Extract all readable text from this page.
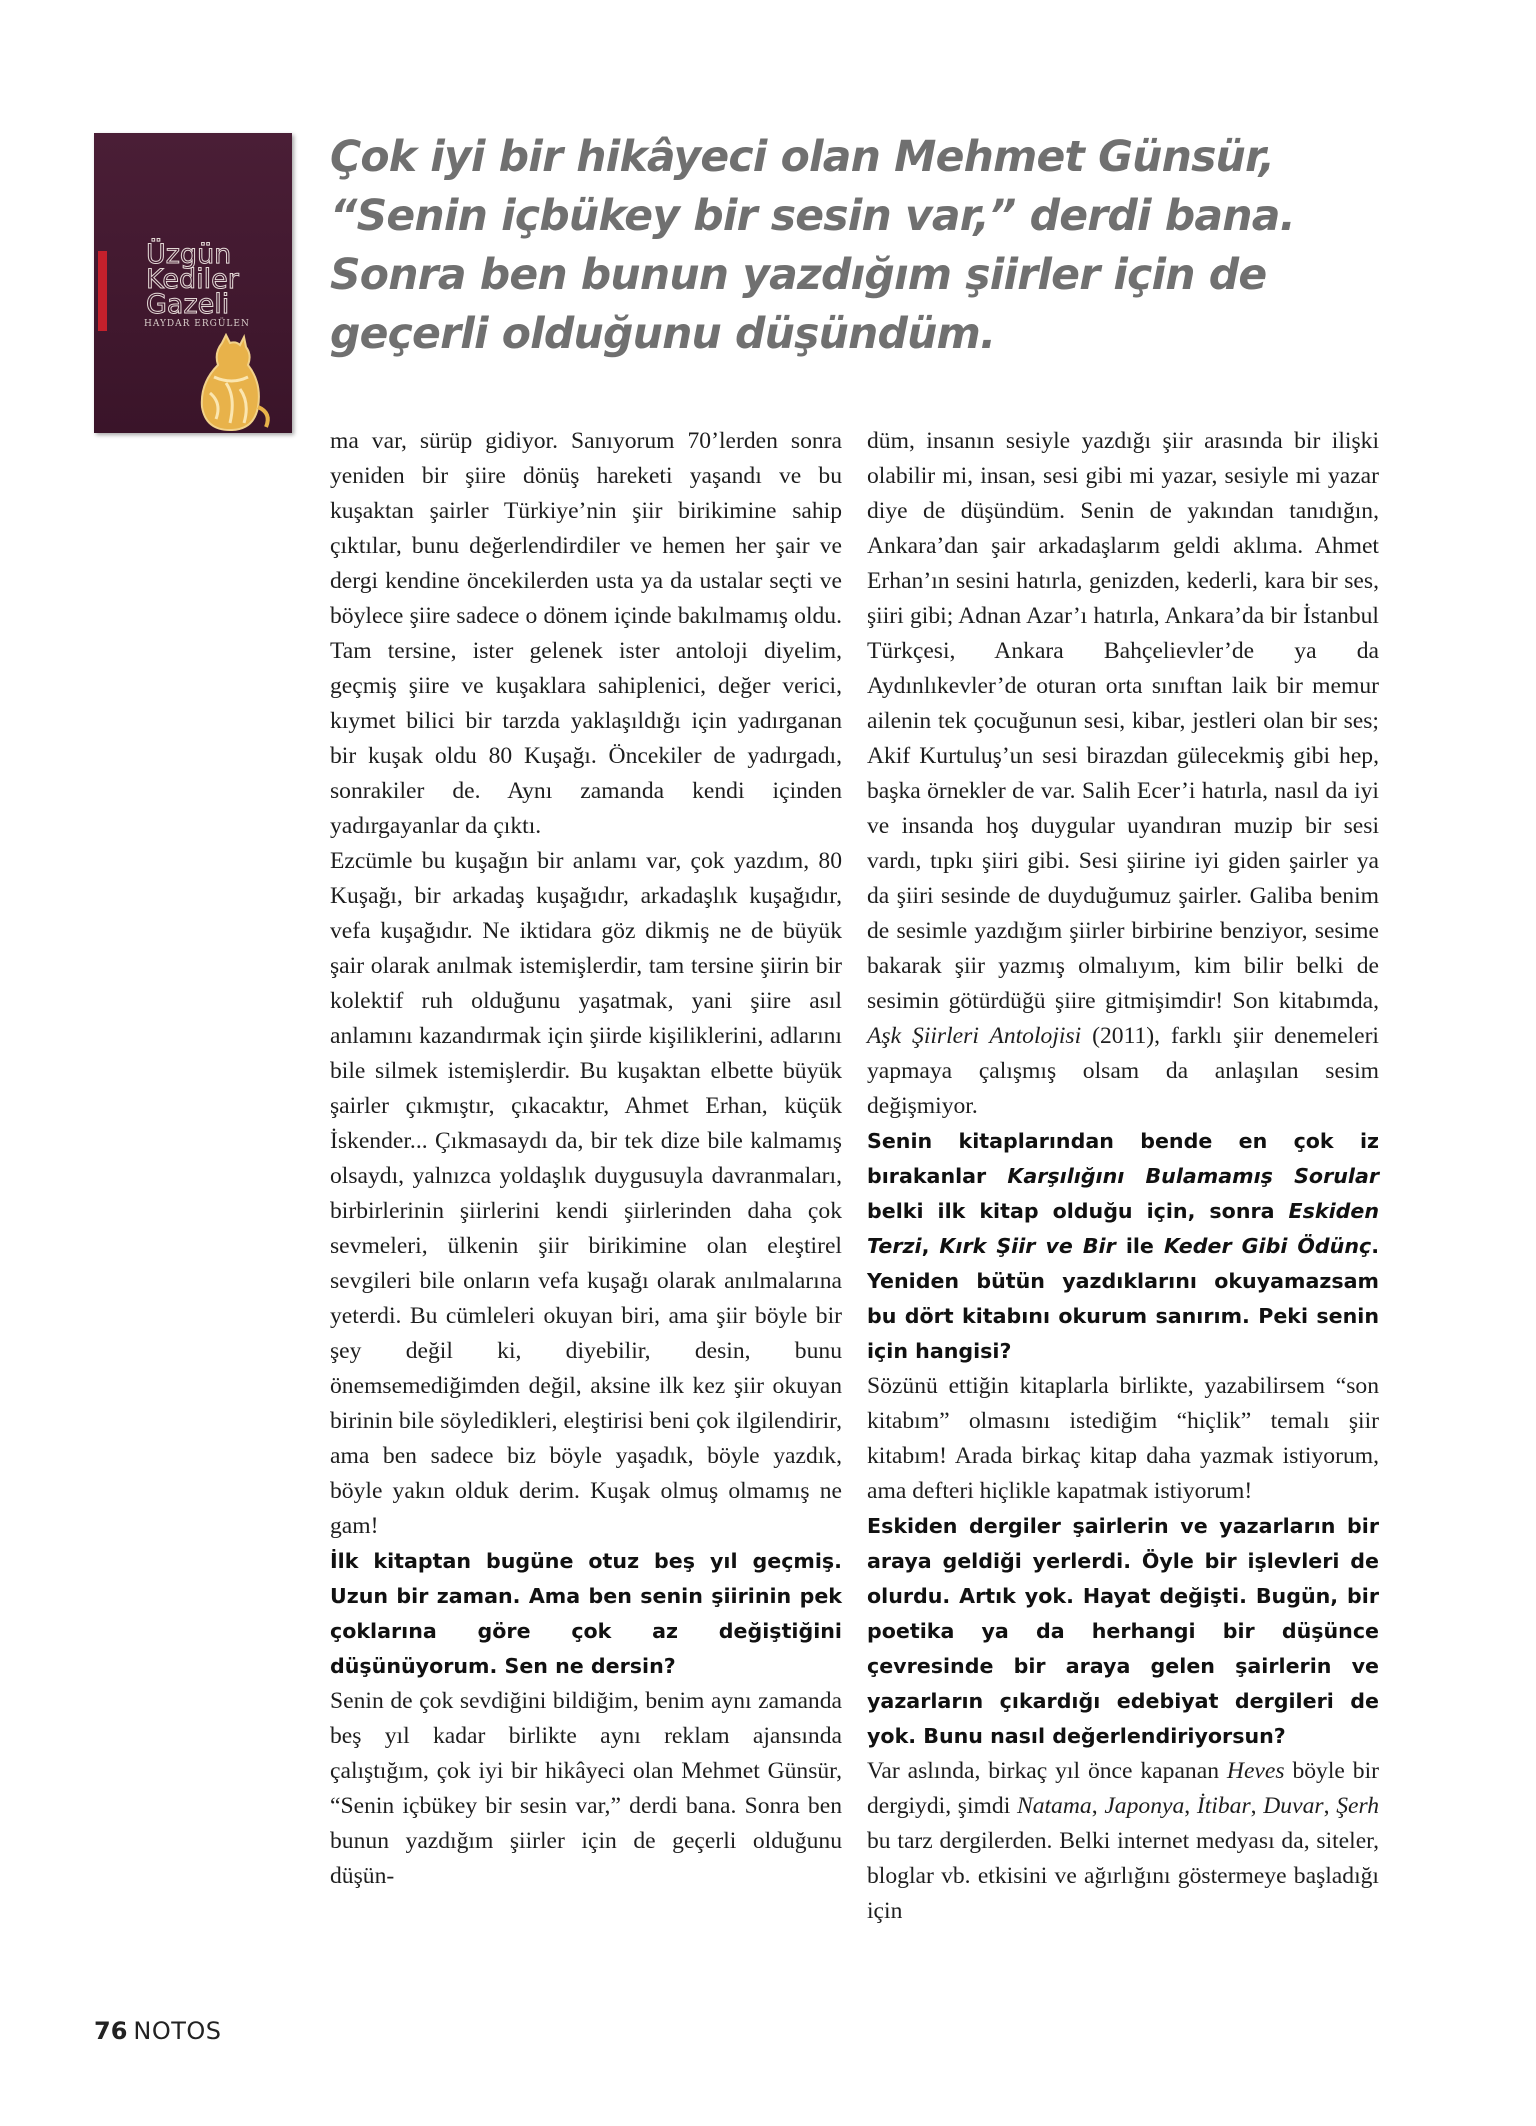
Üzgün
Kediler
Gazeli
HAYDAR ERGÜLEN

Çok iyi bir hikâyeci olan Mehmet Günsür, “Senin içbükey bir sesin var,” derdi bana. Sonra ben bunun yazdığım şiirler için de geçerli olduğunu düşündüm.

ma var, sürüp gidiyor. Sanıyorum 70’lerden sonra yeniden bir şiire dönüş hareketi yaşandı ve bu kuşaktan şairler Türkiye’nin şiir birikimine sahip çıktılar, bunu değerlendirdiler ve hemen her şair ve dergi kendine öncekilerden usta ya da ustalar seçti ve böylece şiire sadece o dönem içinde bakılmamış oldu. Tam tersine, ister gelenek ister antoloji diyelim, geçmiş şiire ve kuşaklara sahiplenici, değer verici, kıymet bilici bir tarzda yaklaşıldığı için yadırganan bir kuşak oldu 80 Kuşağı. Öncekiler de yadırgadı, sonrakiler de. Aynı zamanda kendi içinden yadırgayanlar da çıktı.

Ezcümle bu kuşağın bir anlamı var, çok yazdım, 80 Kuşağı, bir arkadaş kuşağıdır, arkadaşlık kuşağıdır, vefa kuşağıdır. Ne iktidara göz dikmiş ne de büyük şair olarak anılmak istemişlerdir, tam tersine şiirin bir kolektif ruh olduğunu yaşatmak, yani şiire asıl anlamını kazandırmak için şiirde kişiliklerini, adlarını bile silmek istemişlerdir. Bu kuşaktan elbette büyük şairler çıkmıştır, çıkacaktır, Ahmet Erhan, küçük İskender... Çıkmasaydı da, bir tek dize bile kalmamış olsaydı, yalnızca yoldaşlık duygusuyla davranmaları, birbirlerinin şiirlerini kendi şiirlerinden daha çok sevmeleri, ülkenin şiir birikimine olan eleştirel sevgileri bile onların vefa kuşağı olarak anılmalarına yeterdi. Bu cümleleri okuyan biri, ama şiir böyle bir şey değil ki, diyebilir, desin, bunu önemsemediğimden değil, aksine ilk kez şiir okuyan birinin bile söyledikleri, eleştirisi beni çok ilgilendirir, ama ben sadece biz böyle yaşadık, böyle yazdık, böyle yakın olduk derim. Kuşak olmuş olmamış ne gam!

İlk kitaptan bugüne otuz beş yıl geçmiş. Uzun bir zaman. Ama ben senin şiirinin pek çoklarına göre çok az değiştiğini düşünüyorum. Sen ne dersin?

Senin de çok sevdiğini bildiğim, benim aynı zamanda beş yıl kadar birlikte aynı reklam ajansında çalıştığım, çok iyi bir hikâyeci olan Mehmet Günsür, “Senin içbükey bir sesin var,” derdi bana. Sonra ben bunun yazdığım şiirler için de geçerli olduğunu düşün-

düm, insanın sesiyle yazdığı şiir arasında bir ilişki olabilir mi, insan, sesi gibi mi yazar, sesiyle mi yazar diye de düşündüm. Senin de yakından tanıdığın, Ankara’dan şair arkadaşlarım geldi aklıma. Ahmet Erhan’ın sesini hatırla, genizden, kederli, kara bir ses, şiiri gibi; Adnan Azar’ı hatırla, Ankara’da bir İstanbul Türkçesi, Ankara Bahçelievler’de ya da Aydınlıkevler’de oturan orta sınıftan laik bir memur ailenin tek çocuğunun sesi, kibar, jestleri olan bir ses; Akif Kurtuluş’un sesi birazdan gülecekmiş gibi hep, başka örnekler de var. Salih Ecer’i hatırla, nasıl da iyi ve insanda hoş duygular uyandıran muzip bir sesi vardı, tıpkı şiiri gibi. Sesi şiirine iyi giden şairler ya da şiiri sesinde de duyduğumuz şairler. Galiba benim de sesimle yazdığım şiirler birbirine benziyor, sesime bakarak şiir yazmış olmalıyım, kim bilir belki de sesimin götürdüğü şiire gitmişimdir! Son kitabımda, Aşk Şiirleri Antolojisi (2011), farklı şiir denemeleri yapmaya çalışmış olsam da anlaşılan sesim değişmiyor.

Senin kitaplarından bende en çok iz bırakanlar Karşılığını Bulamamış Sorular belki ilk kitap olduğu için, sonra Eskiden Terzi, Kırk Şiir ve Bir ile Keder Gibi Ödünç. Yeniden bütün yazdıklarını okuyamazsam bu dört kitabını okurum sanırım. Peki senin için hangisi?

Sözünü ettiğin kitaplarla birlikte, yazabilirsem “son kitabım” olmasını istediğim “hiçlik” temalı şiir kitabım! Arada birkaç kitap daha yazmak istiyorum, ama defteri hiçlikle kapatmak istiyorum!

Eskiden dergiler şairlerin ve yazarların bir araya geldiği yerlerdi. Öyle bir işlevleri de olurdu. Artık yok. Hayat değişti. Bugün, bir poetika ya da herhangi bir düşünce çevresinde bir araya gelen şairlerin ve yazarların çıkardığı edebiyat dergileri de yok. Bunu nasıl değerlendiriyorsun?

Var aslında, birkaç yıl önce kapanan Heves böyle bir dergiydi, şimdi Natama, Japonya, İtibar, Duvar, Şerh bu tarz dergilerden. Belki internet medyası da, siteler, bloglar vb. etkisini ve ağırlığını göstermeye başladığı için

76 NOTOS
